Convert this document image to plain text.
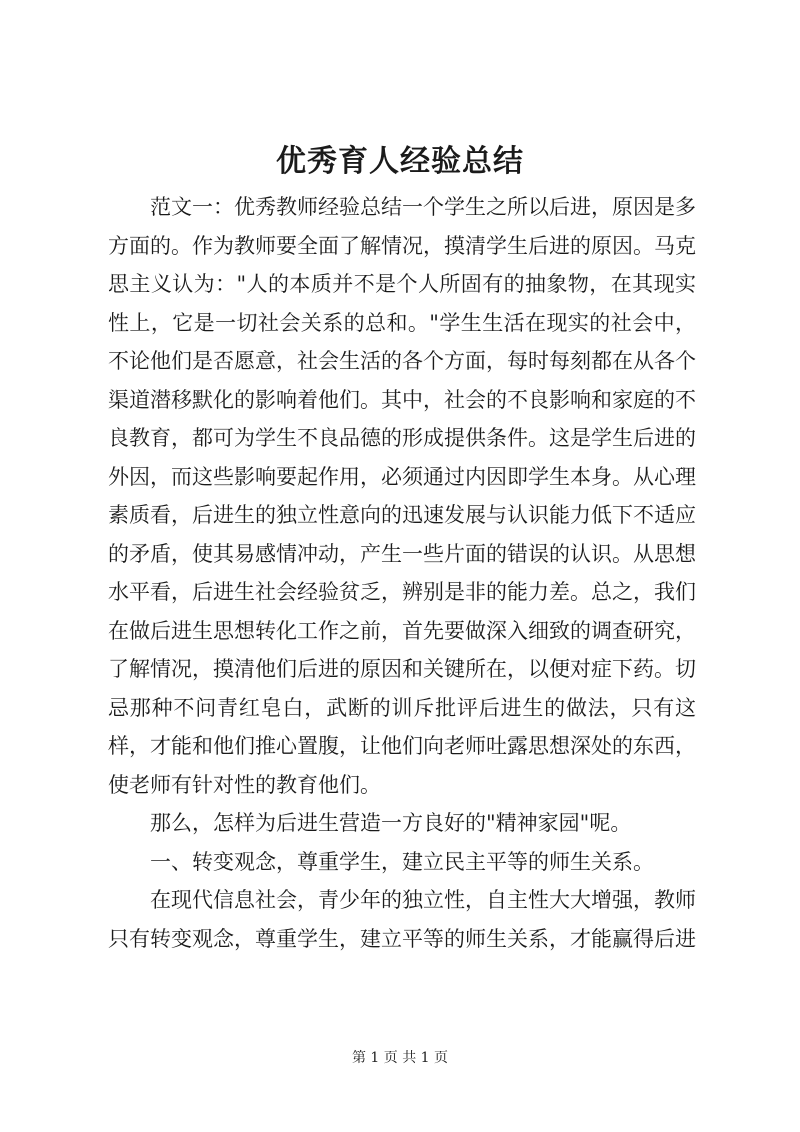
优秀育人经验总结

范文一：优秀教师经验总结一个学生之所以后进，原因是多方面的。作为教师要全面了解情况，摸清学生后进的原因。马克思主义认为："人的本质并不是个人所固有的抽象物，在其现实性上，它是一切社会关系的总和。"学生生活在现实的社会中，不论他们是否愿意，社会生活的各个方面，每时每刻都在从各个渠道潜移默化的影响着他们。其中，社会的不良影响和家庭的不良教育，都可为学生不良品德的形成提供条件。这是学生后进的外因，而这些影响要起作用，必须通过内因即学生本身。从心理素质看，后进生的独立性意向的迅速发展与认识能力低下不适应的矛盾，使其易感情冲动，产生一些片面的错误的认识。从思想水平看，后进生社会经验贫乏，辨别是非的能力差。总之，我们在做后进生思想转化工作之前，首先要做深入细致的调查研究，了解情况，摸清他们后进的原因和关键所在，以便对症下药。切忌那种不问青红皂白，武断的训斥批评后进生的做法，只有这样，才能和他们推心置腹，让他们向老师吐露思想深处的东西，使老师有针对性的教育他们。

那么，怎样为后进生营造一方良好的"精神家园"呢。

一、转变观念，尊重学生，建立民主平等的师生关系。

在现代信息社会，青少年的独立性，自主性大大增强，教师只有转变观念，尊重学生，建立平等的师生关系，才能赢得后进

第 1 页 共 1 页
